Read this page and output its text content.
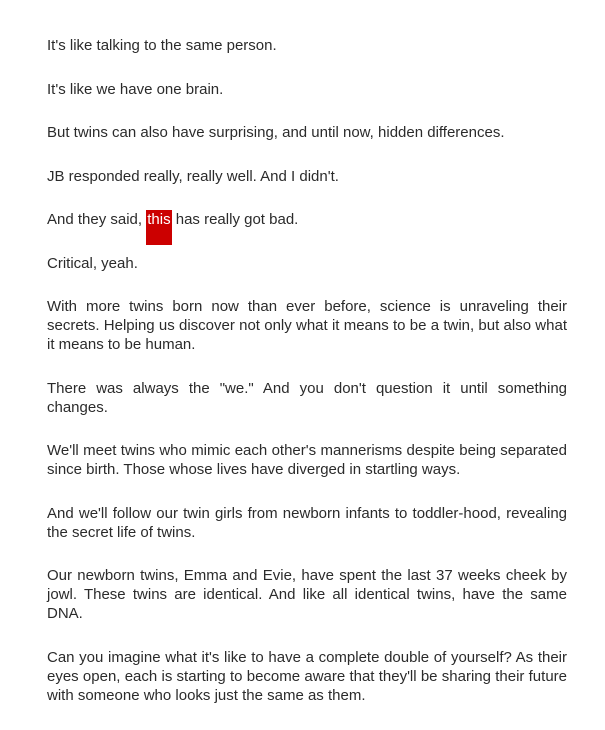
It's like talking to the same person.

It's like we have one brain.

But twins can also have surprising, and until now, hidden differences.

JB responded really, really well. And I didn't.

And they said, this has really got bad.

Critical, yeah.

With more twins born now than ever before, science is unraveling their secrets. Helping us discover not only what it means to be a twin, but also what it means to be human.

There was always the "we." And you don't question it until something changes.

We'll meet twins who mimic each other's mannerisms despite being separated since birth. Those whose lives have diverged in startling ways.

And we'll follow our twin girls from newborn infants to toddler-hood, revealing the secret life of twins.

Our newborn twins, Emma and Evie, have spent the last 37 weeks cheek by jowl. These twins are identical. And like all identical twins, have the same DNA.

Can you imagine what it's like to have a complete double of yourself? As their eyes open, each is starting to become aware that they'll be sharing their future with someone who looks just the same as them.
